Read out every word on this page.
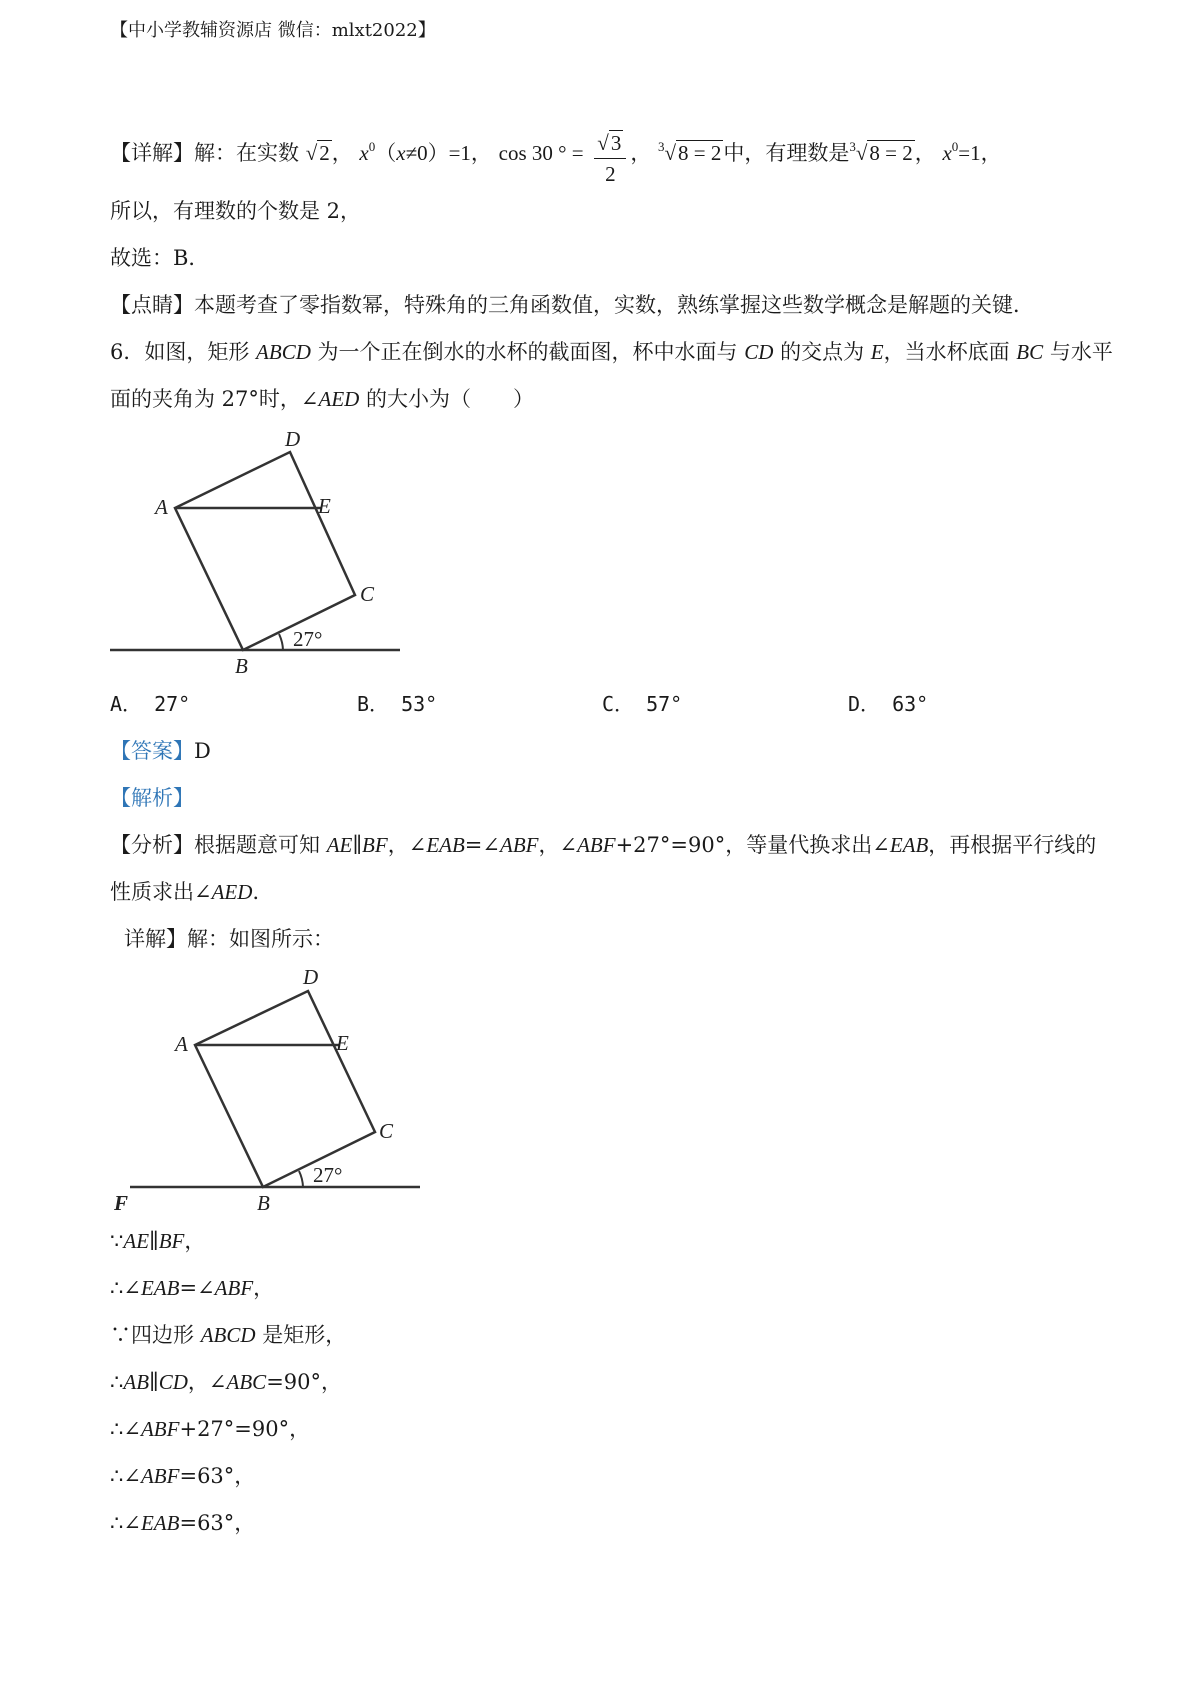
【中小学教辅资源店 微信：mlxt2022】
【详解】解：在实数 √2， $x^0(x\ne 0)=1$， cos 30 ° = $\frac{√3}{2}$ ， $^3$√8 = 2中，有理数是$^3$√8 = 2， $x^0=1$，
所以，有理数的个数是 2，
故选：B．
【点睛】本题考查了零指数幂，特殊角的三角函数值，实数，熟练掌握这些数学概念是解题的关键．
6．如图，矩形 ABCD 为一个正在倒水的水杯的截面图，杯中水面与 CD 的交点为 E，当水杯底面 BC 与水平
面的夹角为 27°时，∠AED 的大小为（　　）
A
D
E
C
B
27°
A． 27°	B． 53°	C． 57°	D． 63°
【答案】D
【解析】
【分析】根据题意可知 AE∥BF，∠EAB=∠ABF，∠ABF+27°=90°，等量代换求出∠EAB，再根据平行线的
性质求出∠AED．
详解】解：如图所示：
A
D
E
C
B
F
27°
∵AE∥BF，
∴∠EAB=∠ABF，
∵四边形 ABCD 是矩形，
∴AB∥CD，∠ABC=90°，
∴∠ABF+27°=90°，
∴∠ABF=63°，
∴∠EAB=63°，
